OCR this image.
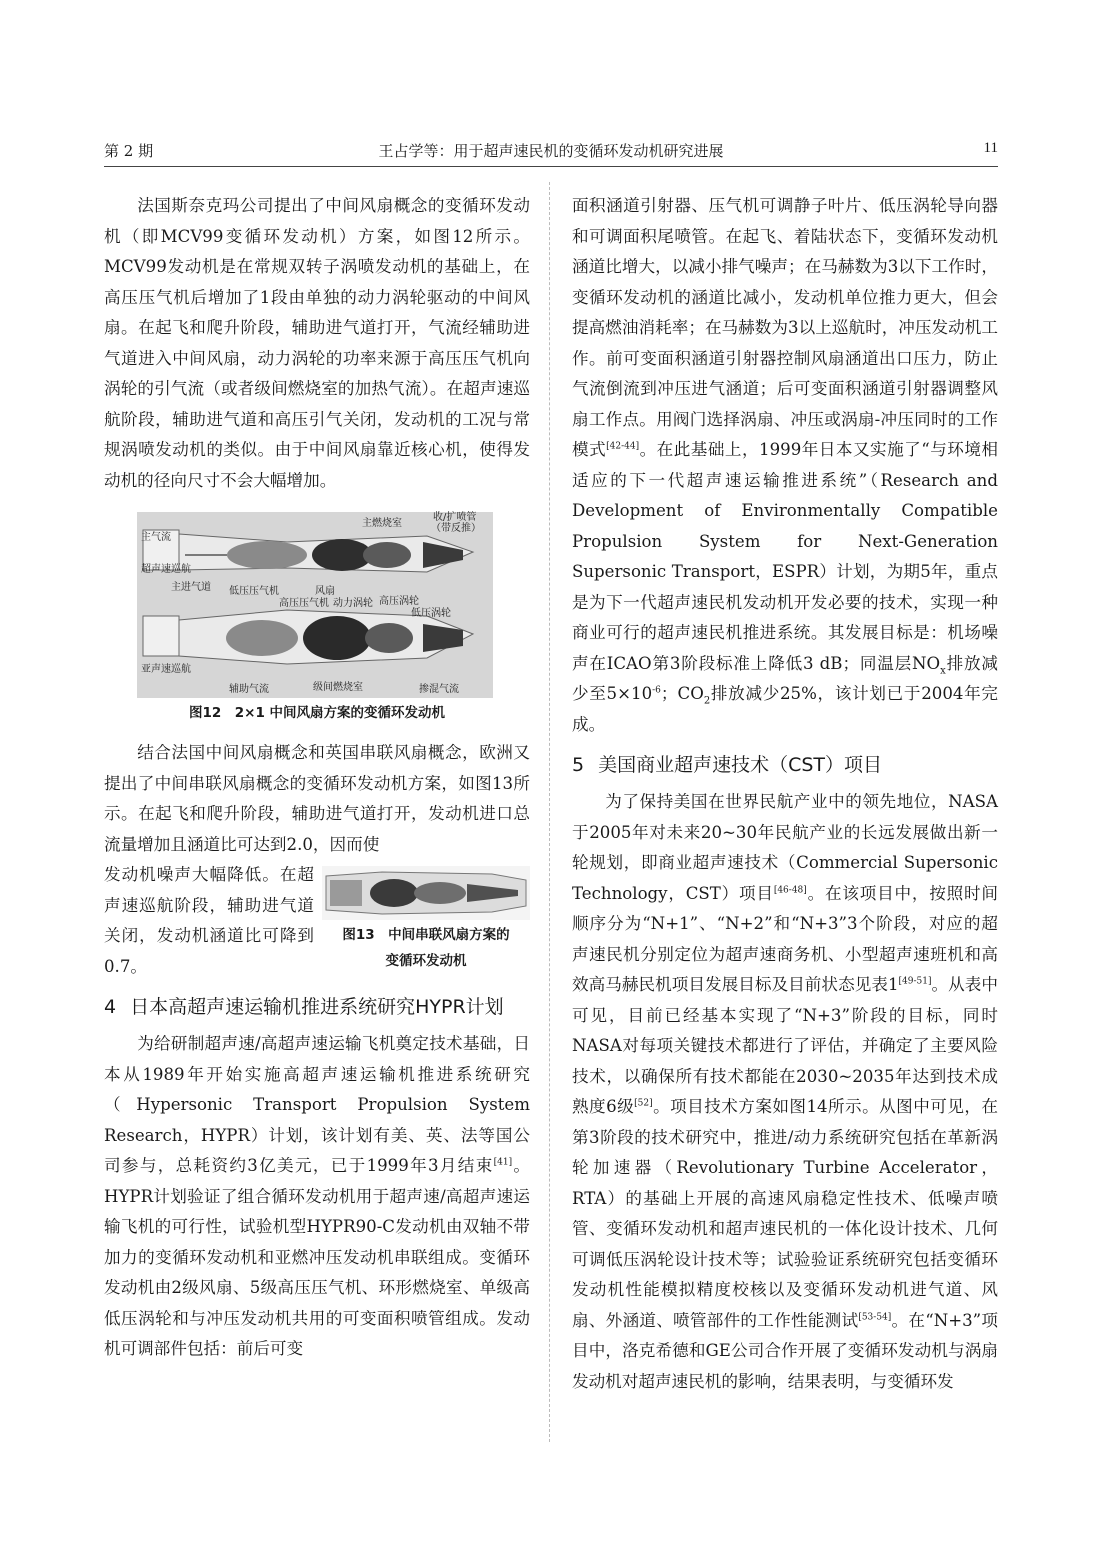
第 2 期	王占学等：用于超声速民机的变循环发动机研究进展	11

法国斯奈克玛公司提出了中间风扇概念的变循环发动机（即MCV99变循环发动机）方案，如图12所示。MCV99发动机是在常规双转子涡喷发动机的基础上，在高压压气机后增加了1段由单独的动力涡轮驱动的中间风扇。在起飞和爬升阶段，辅助进气道打开，气流经辅助进气道进入中间风扇，动力涡轮的功率来源于高压压气机向涡轮的引气流（或者级间燃烧室的加热气流）。在超声速巡航阶段，辅助进气道和高压引气关闭，发动机的工况与常规涡喷发动机的类似。由于中间风扇靠近核心机，使得发动机的径向尺寸不会大幅增加。

主燃烧室
收/扩喷管
（带反推）
主气流
超声速巡航
主进气道 低压压气机	风扇
高压压气机 动力涡轮 高压涡轮
低压涡轮
亚声速巡航
辅助气流	级间燃烧室	掺混气流
图12　2×1 中间风扇方案的变循环发动机

结合法国中间风扇概念和英国串联风扇概念，欧洲又提出了中间串联风扇概念的变循环发动机方案，如图13所示。在起飞和爬升阶段，辅助进气道打开，发动机进口总流量增加且涵道比可达到2.0，因而使

发动机噪声大幅降低。在超声速巡航阶段，辅助进气道关闭，发动机涵道比可降到0.7。

图13　中间串联风扇方案的
变循环发动机
4 日本高超声速运输机推进系统研究HYPR计划

为给研制超声速/高超声速运输飞机奠定技术基础，日本从1989年开始实施高超声速运输机推进系统研究（Hypersonic Transport Propulsion System Research，HYPR）计划，该计划有美、英、法等国公司参与，总耗资约3亿美元，已于1999年3月结束[41]。HYPR计划验证了组合循环发动机用于超声速/高超声速运输飞机的可行性，试验机型HYPR90-C发动机由双轴不带加力的变循环发动机和亚燃冲压发动机串联组成。变循环发动机由2级风扇、5级高压压气机、环形燃烧室、单级高低压涡轮和与冲压发动机共用的可变面积喷管组成。发动机可调部件包括：前后可变

面积涵道引射器、压气机可调静子叶片、低压涡轮导向器和可调面积尾喷管。在起飞、着陆状态下，变循环发动机涵道比增大，以减小排气噪声；在马赫数为3以下工作时，变循环发动机的涵道比减小，发动机单位推力更大，但会提高燃油消耗率；在马赫数为3以上巡航时，冲压发动机工作。前可变面积涵道引射器控制风扇涵道出口压力，防止气流倒流到冲压进气涵道；后可变面积涵道引射器调整风扇工作点。用阀门选择涡扇、冲压或涡扇-冲压同时的工作模式[42-44]。在此基础上，1999年日本又实施了“与环境相适应的下一代超声速运输推进系统”（Research and Development of Environmentally Compatible Propulsion System for Next-Generation Supersonic Transport，ESPR）计划，为期5年，重点是为下一代超声速民机发动机开发必要的技术，实现一种商业可行的超声速民机推进系统。其发展目标是：机场噪声在ICAO第3阶段标准上降低3 dB；同温层$NO_x$排放减少至$5\times 10^{-6}$；$CO_2$排放减少25%，该计划已于2004年完成。

5 美国商业超声速技术（CST）项目

为了保持美国在世界民航产业中的领先地位，NASA于2005年对未来20~30年民航产业的长远发展做出新一轮规划，即商业超声速技术（Commercial Supersonic Technology，CST）项目[46-48]。在该项目中，按照时间顺序分为“N+1”、“N+2”和“N+3”3个阶段，对应的超声速民机分别定位为超声速商务机、小型超声速班机和高效高马赫民机项目发展目标及目前状态见表1[49-51]。从表中可见，目前已经基本实现了“N+3”阶段的目标，同时NASA对每项关键技术都进行了评估，并确定了主要风险技术，以确保所有技术都能在2030~2035年达到技术成熟度6级[52]。项目技术方案如图14所示。从图中可见，在第3阶段的技术研究中，推进/动力系统研究包括在革新涡轮加速器（Revolutionary Turbine Accelerator，RTA）的基础上开展的高速风扇稳定性技术、低噪声喷管、变循环发动机和超声速民机的一体化设计技术、几何可调低压涡轮设计技术等；试验验证系统研究包括变循环发动机性能模拟精度校核以及变循环发动机进气道、风扇、外涵道、喷管部件的工作性能测试[53-54]。在“N+3”项目中，洛克希德和GE公司合作开展了变循环发动机与涡扇发动机对超声速民机的影响，结果表明，与变循环发
